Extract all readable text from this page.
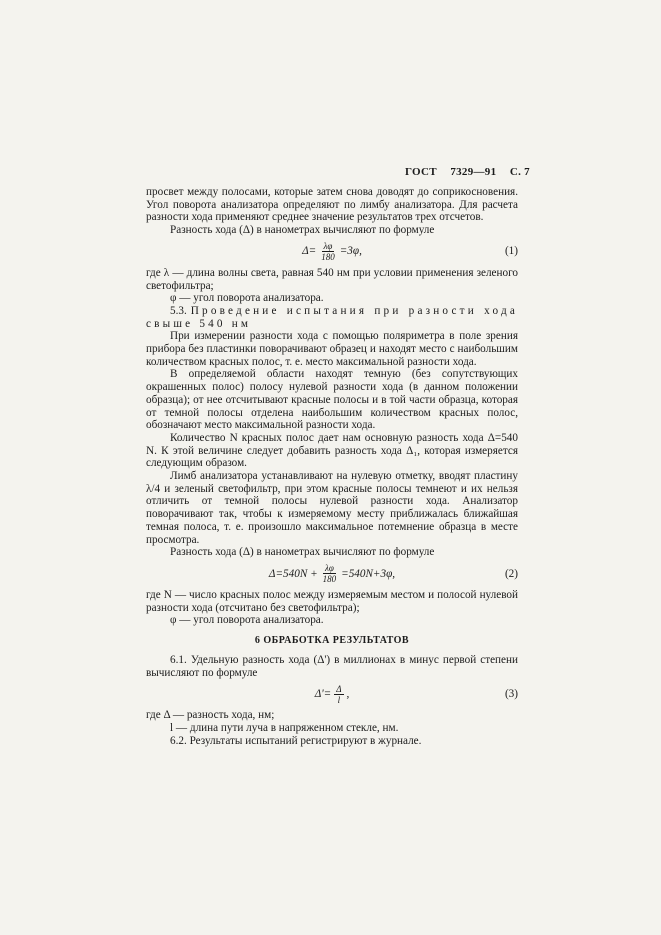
ГОСТ 7329—91 С. 7

просвет между полосами, которые затем снова доводят до соприкосновения. Угол поворота анализатора определяют по лимбу анализатора. Для расчета разности хода применяют среднее значение результатов трех отсчетов.

Разность хода (Δ) в нанометрах вычисляют по формуле

$\Delta= \frac{\lambda\varphi}{180} =3\varphi$,	(1)

где λ — длина волны света, равная 540 нм при условии применения зеленого светофильтра;

φ — угол поворота анализатора.

5.3. Проведение испытания при разности хода свыше 540 нм

При измерении разности хода с помощью поляриметра в поле зрения прибора без пластинки поворачивают образец и находят место с наибольшим количеством красных полос, т. е. место максимальной разности хода.

В определяемой области находят темную (без сопутствующих окрашенных полос) полосу нулевой разности хода (в данном положении образца); от нее отсчитывают красные полосы и в той части образца, которая от темной полосы отделена наибольшим количеством красных полос, обозначают место максимальной разности хода.

Количество N красных полос дает нам основную разность хода Δ=540 N. К этой величине следует добавить разность хода Δ₁, которая измеряется следующим образом.

Лимб анализатора устанавливают на нулевую отметку, вводят пластину λ/4 и зеленый светофильтр, при этом красные полосы темнеют и их нельзя отличить от темной полосы нулевой разности хода. Анализатор поворачивают так, чтобы к измеряемому месту приближалась ближайшая темная полоса, т. е. произошло максимальное потемнение образца в месте просмотра.

Разность хода (Δ) в нанометрах вычисляют по формуле

$\Delta=540N + \frac{\lambda\varphi}{180} =540N+3\varphi$,	(2)

где N — число красных полос между измеряемым местом и полосой нулевой разности хода (отсчитано без светофильтра);

φ — угол поворота анализатора.

6 ОБРАБОТКА РЕЗУЛЬТАТОВ

6.1. Удельную разность хода (Δ') в миллионах в минус первой степени вычисляют по формуле

$\Delta'= \frac{\Delta}{l}$ ,	(3)

где Δ — разность хода, нм;

l — длина пути луча в напряженном стекле, нм.

6.2. Результаты испытаний регистрируют в журнале.
